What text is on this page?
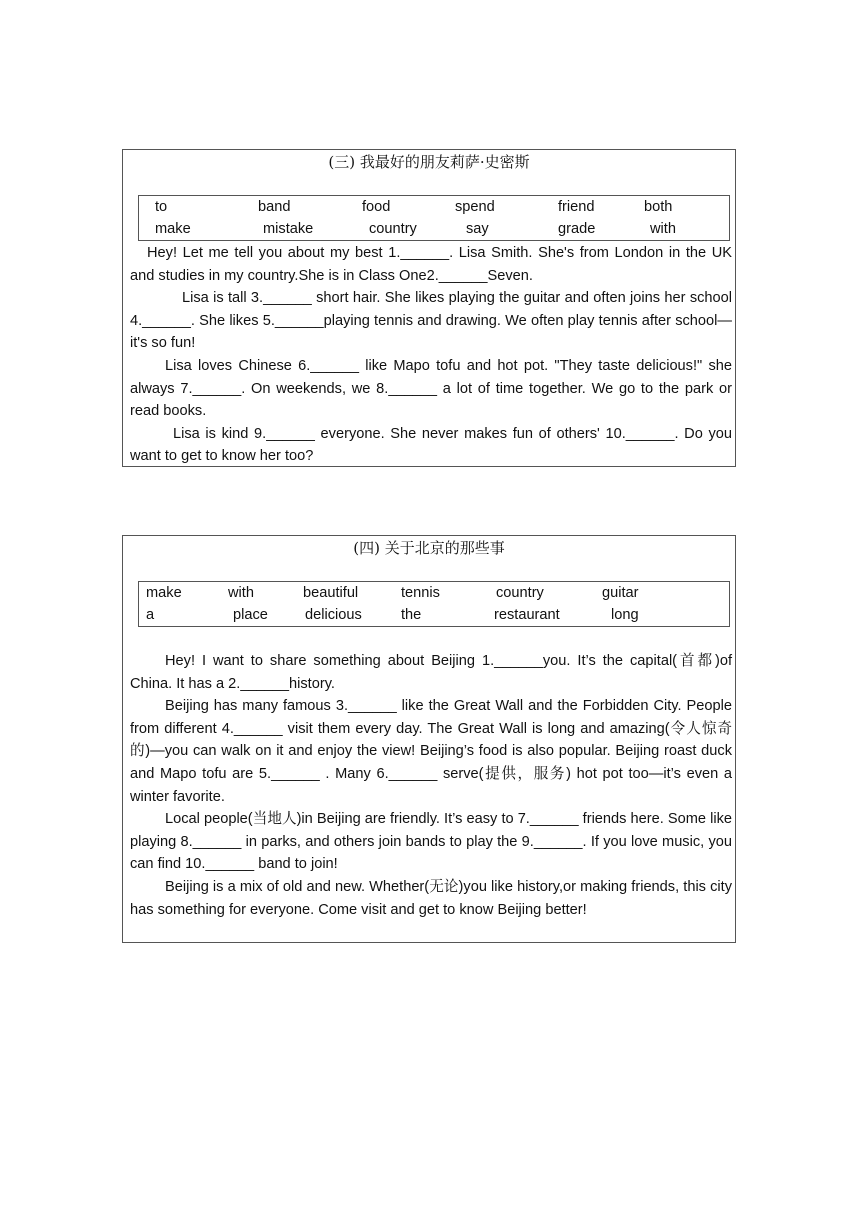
(三) 我最好的朋友莉萨·史密斯
to	band	food	spend	friend	both
make	mistake	country	say	grade	with

Hey! Let me tell you about my best 1.______. Lisa Smith. She's from London in the UK and studies in my country.She is in Class One2.______Seven.

Lisa is tall 3.______ short hair. She likes playing the guitar and often joins her school 4.______. She likes 5.______playing tennis and drawing. We often play tennis after school—it's so fun!

Lisa loves Chinese 6.______ like Mapo tofu and hot pot. "They taste delicious!" she always 7.______. On weekends, we 8.______ a lot of time together. We go to the park or read books.

Lisa is kind 9.______ everyone. She never makes fun of others' 10.______. Do you want to get to know her too?

(四) 关于北京的那些事
make	with	beautiful	tennis	country	guitar
a	place	delicious	the	restaurant	long

Hey! I want to share something about Beijing 1.______you. It’s the capital(首都)of China. It has a 2.______history.

Beijing has many famous 3.______ like the Great Wall and the Forbidden City. People from different 4.______ visit them every day. The Great Wall is long and amazing(令人惊奇的)—you can walk on it and enjoy the view! Beijing’s food is also popular. Beijing roast duck and Mapo tofu are 5.______ . Many 6.______ serve(提供，服务) hot pot too—it’s even a winter favorite.

Local people(当地人)in Beijing are friendly. It’s easy to 7.______ friends here. Some like playing 8.______ in parks, and others join bands to play the 9.______. If you love music, you can find 10.______ band to join!

Beijing is a mix of old and new. Whether(无论)you like history,or making friends, this city has something for everyone. Come visit and get to know Beijing better!
